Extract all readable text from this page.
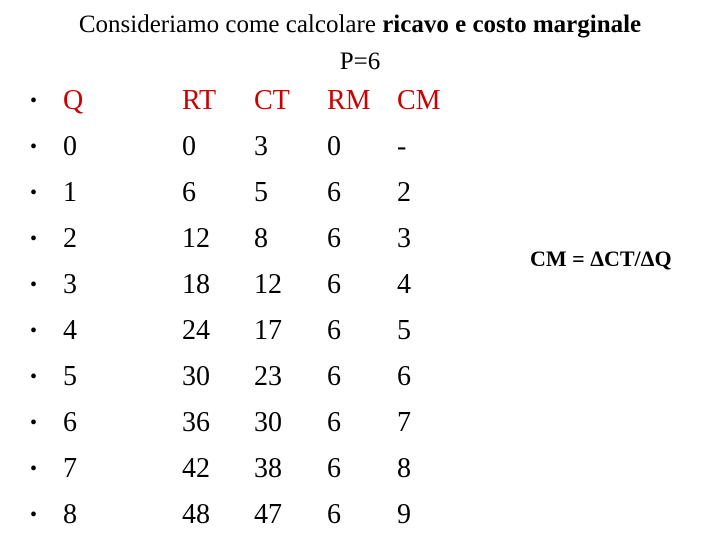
Consideriamo come calcolare ricavo e costo marginale
P=6
• Q	RT CT RM CM
• 0	0 3 0 -
• 1	6 5 6 2
• 2	12 8 6 3
• 3	18 12 6 4
• 4	24 17 6 5
• 5	30 23 6 6
• 6	36 30 6 7
• 7	42 38 6 8
• 8	48 47 6 9
CM = ΔCT/ΔQ
